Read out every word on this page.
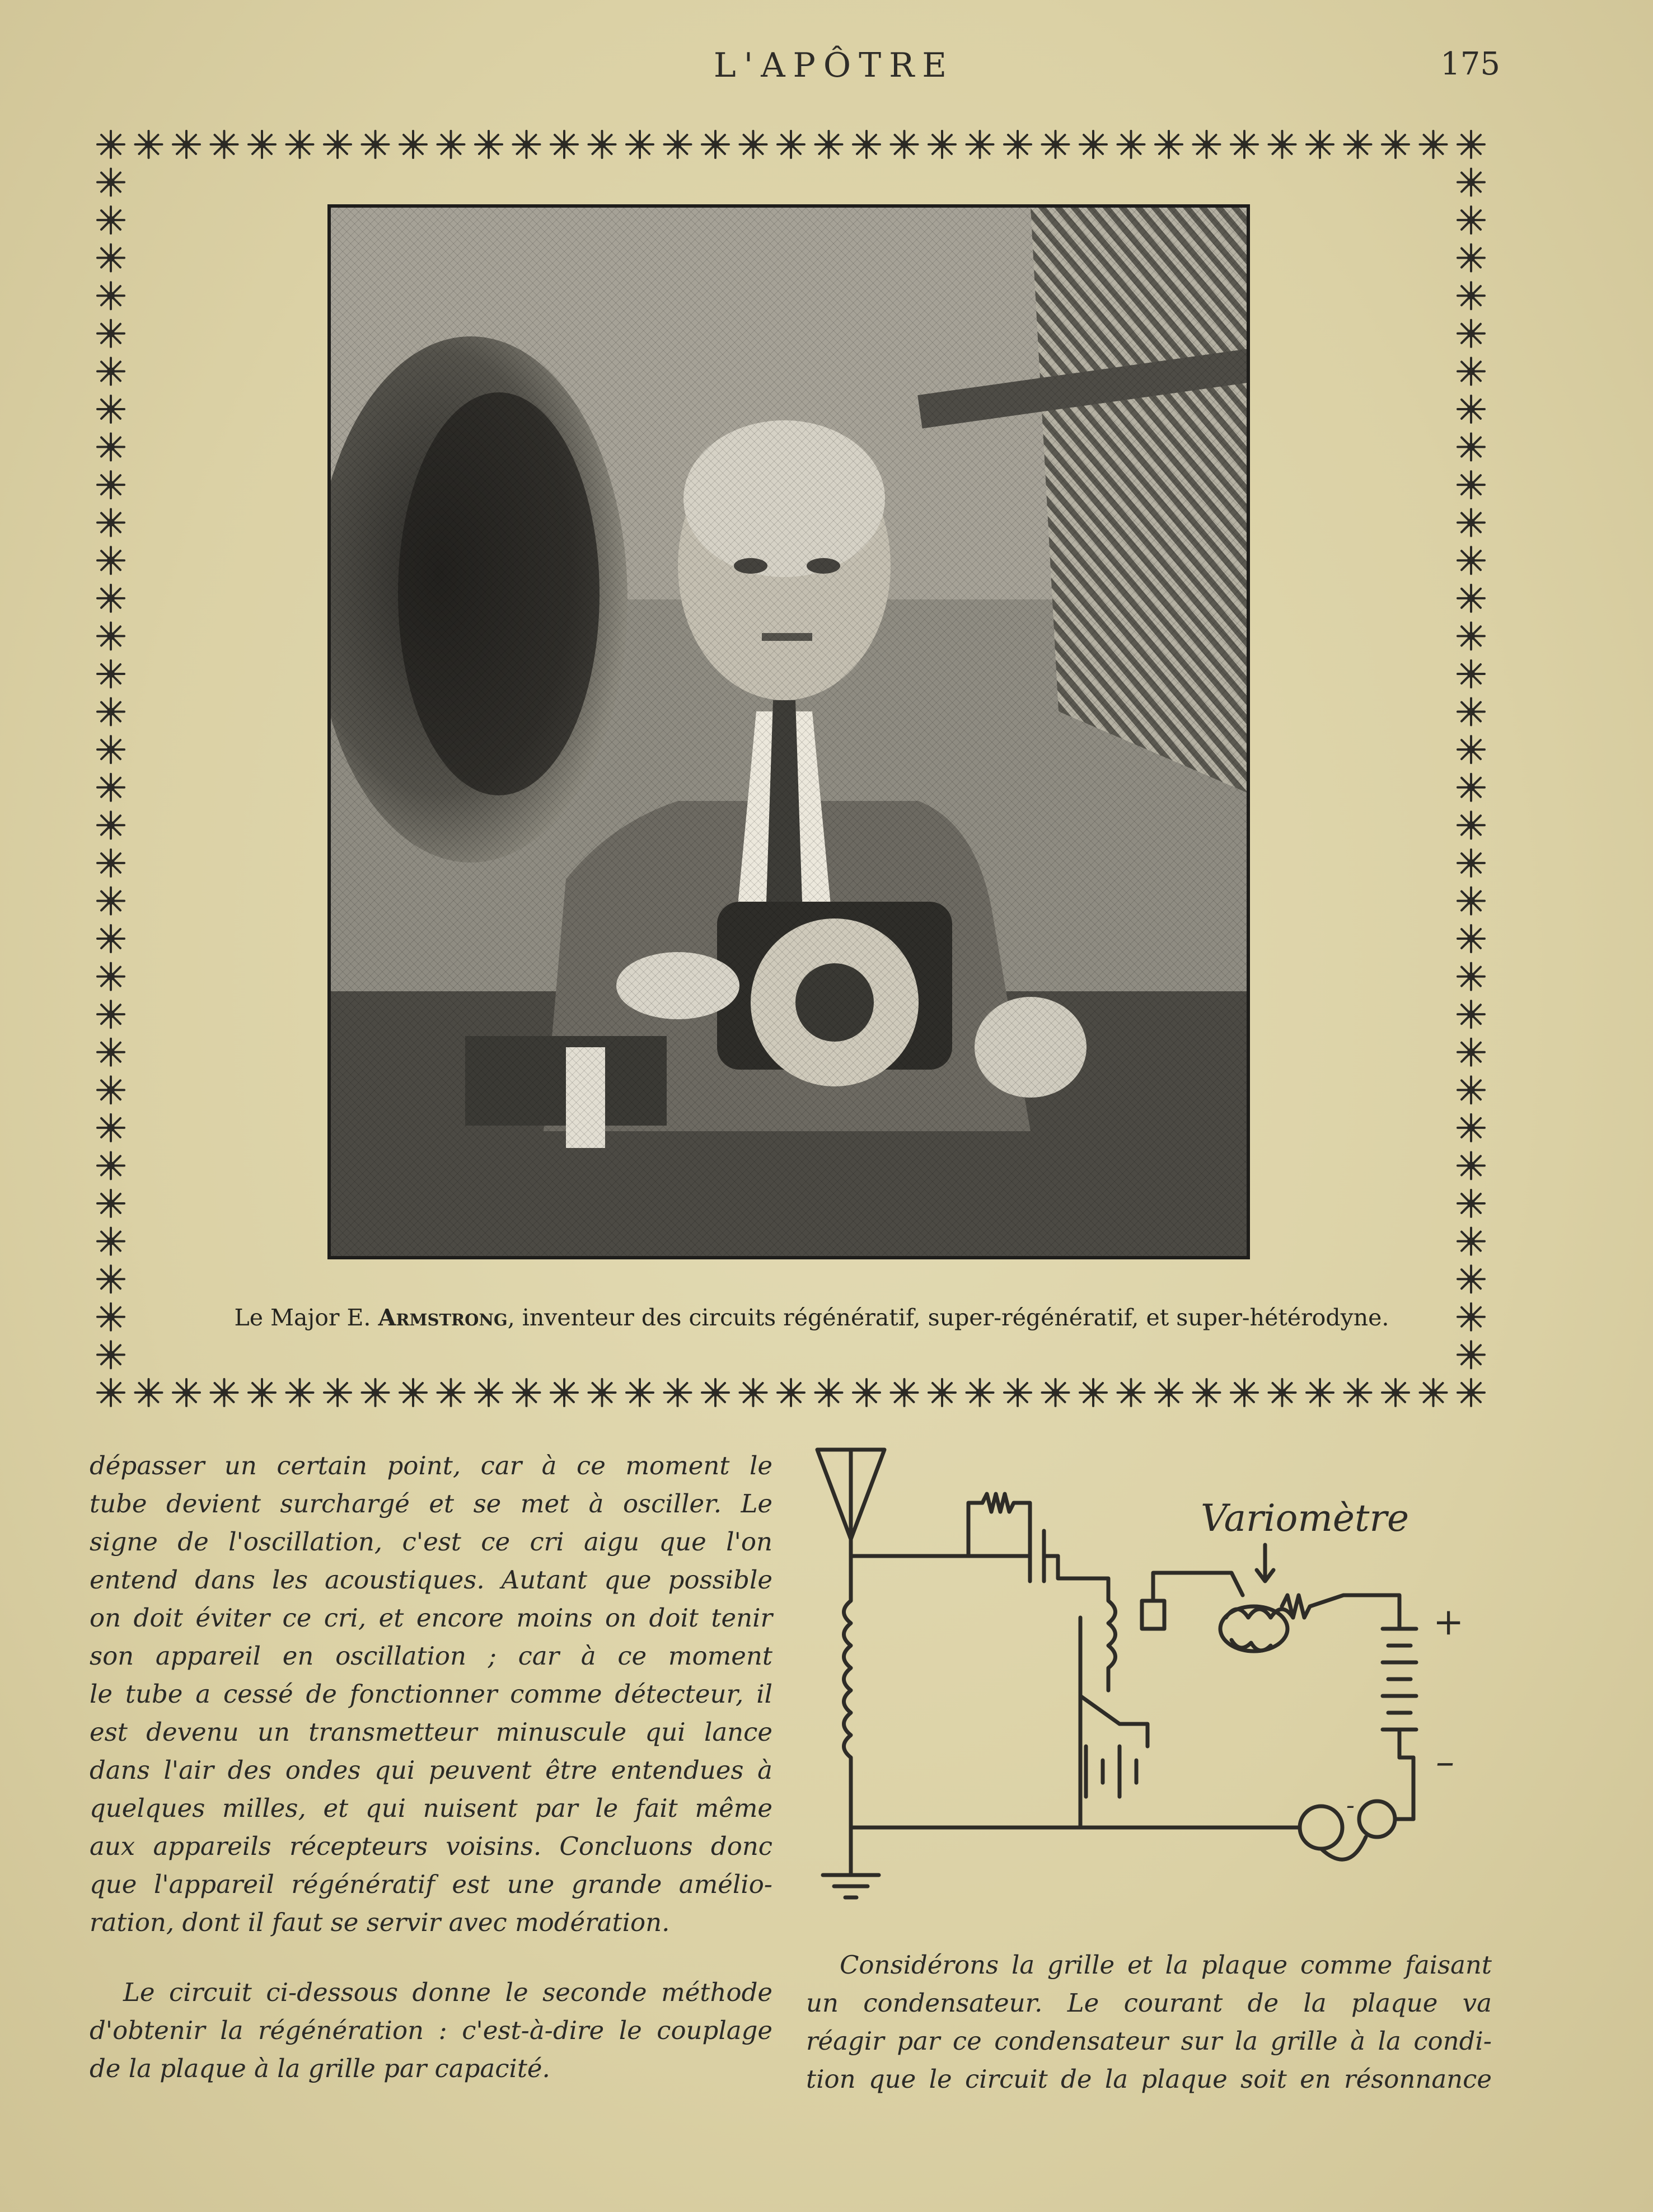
L'APÔTRE	175
Le Major E. Armstrong, inventeur des circuits régénératif, super-régénératif, et super-hétérodyne.
dépasser un certain point, car à ce moment le
tube devient surchargé et se met à osciller. Le
signe de l'oscillation, c'est ce cri aigu que l'on
entend dans les acoustiques. Autant que possible
on doit éviter ce cri, et encore moins on doit tenir
son appareil en oscillation ; car à ce moment
le tube a cessé de fonctionner comme détecteur, il
est devenu un transmetteur minuscule qui lance
dans l'air des ondes qui peuvent être entendues à
quelques milles, et qui nuisent par le fait même
aux appareils récepteurs voisins. Concluons donc
que l'appareil régénératif est une grande amélio-
ration, dont il faut se servir avec modération.
Le circuit ci-dessous donne le seconde méthode
d'obtenir la régénération : c'est-à-dire le couplage
de la plaque à la grille par capacité.
Considérons la grille et la plaque comme faisant
un condensateur. Le courant de la plaque va
réagir par ce condensateur sur la grille à la condi-
tion que le circuit de la plaque soit en résonnance
Variomètre
+
–
-
